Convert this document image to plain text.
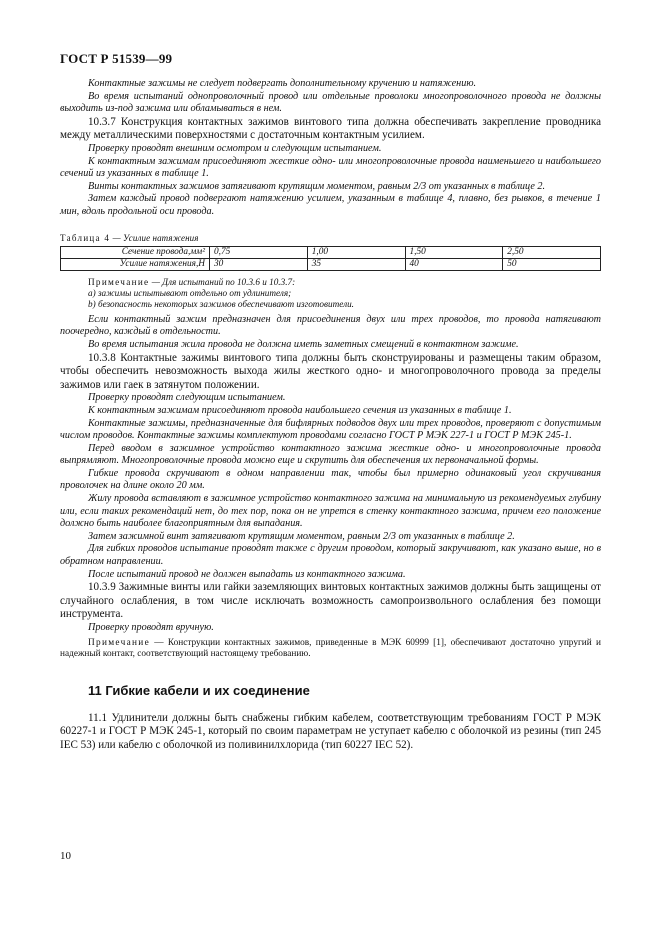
ГОСТ Р 51539—99

Контактные зажимы не следует подвергать дополнительному кручению и натяжению.

Во время испытаний однопроволочный провод или отдельные проволоки многопроволочного провода не должны выходить из-под зажима или обламываться в нем.

10.3.7 Конструкция контактных зажимов винтового типа должна обеспечивать закрепление проводника между металлическими поверхностями с достаточным контактным усилием.

Проверку проводят внешним осмотром и следующим испытанием.

К контактным зажимам присоединяют жесткие одно- или многопроволочные провода наименьшего и наибольшего сечений из указанных в таблице 1.

Винты контактных зажимов затягивают крутящим моментом, равным 2/3 от указанных в таблице 2.

Затем каждый провод подвергают натяжению усилием, указанным в таблице 4, плавно, без рывков, в течение 1 мин, вдоль продольной оси провода.

Таблица 4 — Усилие натяжения
Сечение провода,мм²	0,75	1,00	1,50	2,50
Усилие натяжения,Н	30	35	40	50

Примечание — Для испытаний по 10.3.6 и 10.3.7:

a) зажимы испытывают отдельно от удлинителя;

b) безопасность некоторых зажимов обеспечивают изготовители.

Если контактный зажим предназначен для присоединения двух или трех проводов, то провода натягивают поочередно, каждый в отдельности.

Во время испытания жила провода не должна иметь заметных смещений в контактном зажиме.

10.3.8 Контактные зажимы винтового типа должны быть сконструированы и размещены таким образом, чтобы обеспечить невозможность выхода жилы жесткого одно- и многопроволочного провода за пределы зажимов или гаек в затянутом положении.

Проверку проводят следующим испытанием.

К контактным зажимам присоединяют провода наибольшего сечения из указанных в таблице 1.

Контактные зажимы, предназначенные для бифлярных подводов двух или трех проводов, проверяют с допустимым числом проводов. Контактные зажимы комплектуют проводами согласно ГОСТ Р МЭК 227-1 и ГОСТ Р МЭК 245-1.

Перед вводом в зажимное устройство контактного зажима жесткие одно- и многопроволочные провода выпрямляют. Многопроволочные провода можно еще и скрутить для обеспечения их первоначальной формы.

Гибкие провода скручивают в одном направлении так, чтобы был примерно одинаковый угол скручивания проволочек на длине около 20 мм.

Жилу провода вставляют в зажимное устройство контактного зажима на минимальную из рекомендуемых глубину или, если таких рекомендаций нет, до тех пор, пока он не упрется в стенку контактного зажима, причем его положение должно быть наиболее благоприятным для выпадания.

Затем зажимной винт затягивают крутящим моментом, равным 2/3 от указанных в таблице 2.

Для гибких проводов испытание проводят также с другим проводом, который закручивают, как указано выше, но в обратном направлении.

После испытаний провод не должен выпадать из контактного зажима.

10.3.9 Зажимные винты или гайки заземляющих винтовых контактных зажимов должны быть защищены от случайного ослабления, в том числе исключать возможность самопроизвольного ослабления без помощи инструмента.

Проверку проводят вручную.

Примечание — Конструкции контактных зажимов, приведенные в МЭК 60999 [1], обеспечивают достаточно упругий и надежный контакт, соответствующий настоящему требованию.

11 Гибкие кабели и их соединение

11.1 Удлинители должны быть снабжены гибким кабелем, соответствующим требованиям ГОСТ Р МЭК 60227-1 и ГОСТ Р МЭК 245-1, который по своим параметрам не уступает кабелю с оболочкой из резины (тип 245 IEC 53) или кабелю с оболочкой из поливинилхлорида (тип 60227 IEC 52).

10
